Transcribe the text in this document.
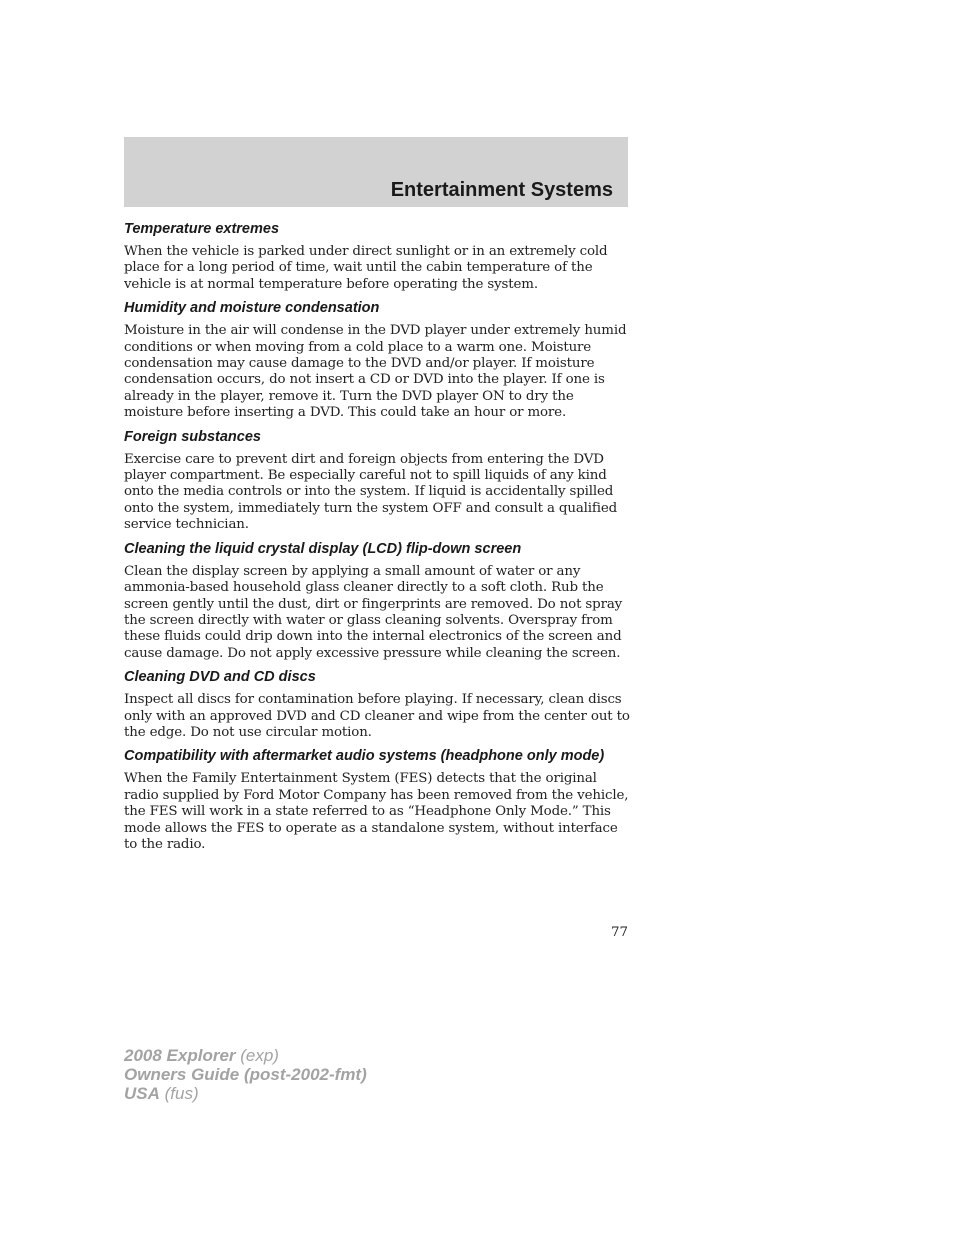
Entertainment Systems
Temperature extremes

When the vehicle is parked under direct sunlight or in an extremely cold place for a long period of time, wait until the cabin temperature of the vehicle is at normal temperature before operating the system.

Humidity and moisture condensation

Moisture in the air will condense in the DVD player under extremely humid conditions or when moving from a cold place to a warm one. Moisture condensation may cause damage to the DVD and/or player. If moisture condensation occurs, do not insert a CD or DVD into the player. If one is already in the player, remove it. Turn the DVD player ON to dry the moisture before inserting a DVD. This could take an hour or more.

Foreign substances

Exercise care to prevent dirt and foreign objects from entering the DVD player compartment. Be especially careful not to spill liquids of any kind onto the media controls or into the system. If liquid is accidentally spilled onto the system, immediately turn the system OFF and consult a qualified service technician.

Cleaning the liquid crystal display (LCD) flip-down screen

Clean the display screen by applying a small amount of water or any ammonia-based household glass cleaner directly to a soft cloth. Rub the screen gently until the dust, dirt or fingerprints are removed. Do not spray the screen directly with water or glass cleaning solvents. Overspray from these fluids could drip down into the internal electronics of the screen and cause damage. Do not apply excessive pressure while cleaning the screen.

Cleaning DVD and CD discs

Inspect all discs for contamination before playing. If necessary, clean discs only with an approved DVD and CD cleaner and wipe from the center out to the edge. Do not use circular motion.

Compatibility with aftermarket audio systems (headphone only mode)

When the Family Entertainment System (FES) detects that the original radio supplied by Ford Motor Company has been removed from the vehicle, the FES will work in a state referred to as “Headphone Only Mode.” This mode allows the FES to operate as a standalone system, without interface to the radio.

77
2008 Explorer (exp)
Owners Guide (post-2002-fmt)
USA (fus)
